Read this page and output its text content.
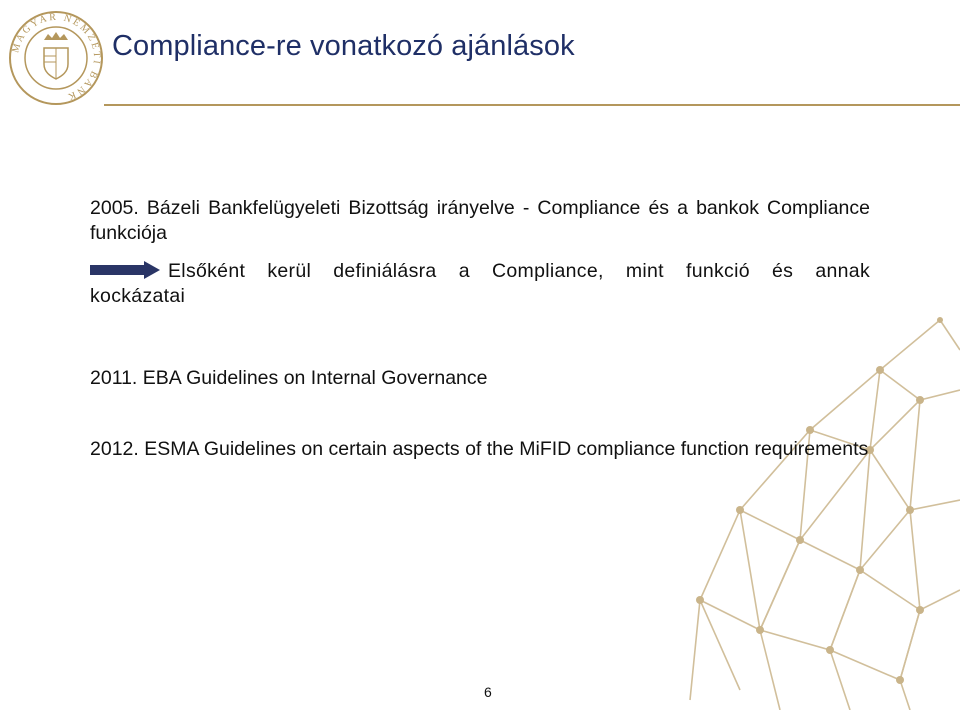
MAGYAR NEMZETI BANK
Compliance-re vonatkozó ajánlások
2005. Bázeli Bankfelügyeleti Bizottság irányelve - Compliance és a bankok Compliance funkciója
Elsőként kerül definiálásra a Compliance, mint funkció és annak kockázatai
2011. EBA Guidelines on Internal Governance
2012. ESMA Guidelines on certain aspects of the MiFID compliance function requirements
6
